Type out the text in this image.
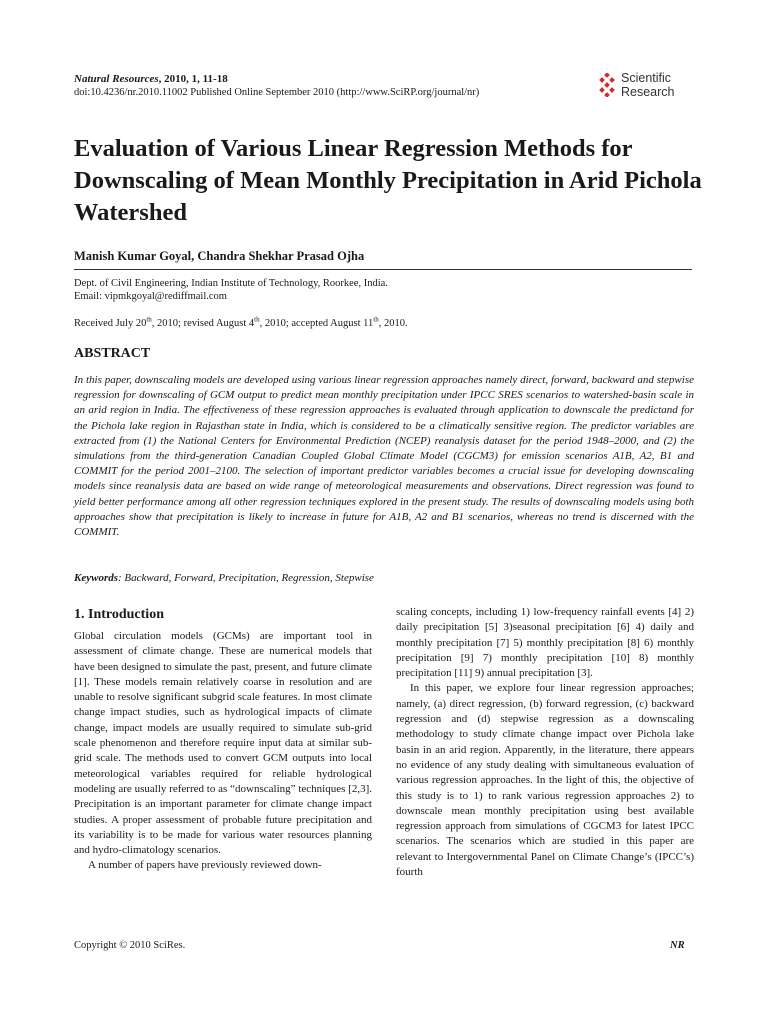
Natural Resources, 2010, 1, 11-18
doi:10.4236/nr.2010.11002 Published Online September 2010 (http://www.SciRP.org/journal/nr)
Scientific
Research
Evaluation of Various Linear Regression Methods for Downscaling of Mean Monthly Precipitation in Arid Pichola Watershed
Manish Kumar Goyal, Chandra Shekhar Prasad Ojha
Dept. of Civil Engineering, Indian Institute of Technology, Roorkee, India.
Email: vipmkgoyal@rediffmail.com
Received July 20th, 2010; revised August 4th, 2010; accepted August 11th, 2010.
ABSTRACT

In this paper, downscaling models are developed using various linear regression approaches namely direct, forward, backward and stepwise regression for downscaling of GCM output to predict mean monthly precipitation under IPCC SRES scenarios to watershed-basin scale in an arid region in India. The effectiveness of these regression approaches is evaluated through application to downscale the predictand for the Pichola lake region in Rajasthan state in India, which is considered to be a climatically sensitive region. The predictor variables are extracted from (1) the National Centers for Environmental Prediction (NCEP) reanalysis dataset for the period 1948–2000, and (2) the simulations from the third-generation Canadian Coupled Global Climate Model (CGCM3) for emission scenarios A1B, A2, B1 and COMMIT for the period 2001–2100. The selection of important predictor variables becomes a crucial issue for developing downscaling models since reanalysis data are based on wide range of meteorological measurements and observations. Direct regression was found to yield better performance among all other regression techniques explored in the present study. The results of downscaling models using both approaches show that precipitation is likely to increase in future for A1B, A2 and B1 scenarios, whereas no trend is discerned with the COMMIT.

Keywords: Backward, Forward, Precipitation, Regression, Stepwise
1. Introduction

Global circulation models (GCMs) are important tool in assessment of climate change. These are numerical models that have been designed to simulate the past, present, and future climate [1]. These models remain relatively coarse in resolution and are unable to resolve significant subgrid scale features. In most climate change impact studies, such as hydrological impacts of climate change, impact models are usually required to simulate sub-grid scale phenomenon and therefore require input data at similar sub-grid scale. The methods used to convert GCM outputs into local meteorological variables required for reliable hydrological modeling are usually referred to as “downscaling” techniques [2,3]. Precipitation is an important parameter for climate change impact studies. A proper assessment of probable future precipitation and its variability is to be made for various water resources planning and hydro-climatology scenarios.

A number of papers have previously reviewed down-

scaling concepts, including 1) low-frequency rainfall events [4] 2) daily precipitation [5] 3)seasonal precipitation [6] 4) daily and monthly precipitation [7] 5) monthly precipitation [8] 6) monthly precipitation [9] 7) monthly precipitation [10] 8) monthly precipitation [11] 9) annual precipitation [3].

In this paper, we explore four linear regression approaches; namely, (a) direct regression, (b) forward regression, (c) backward regression and (d) stepwise regression as a downscaling methodology to study climate change impact over Pichola lake basin in an arid region. Apparently, in the literature, there appears no evidence of any study dealing with simultaneous evaluation of various regression approaches. In the light of this, the objective of this study is to 1) to rank various regression approaches 2) to downscale mean monthly precipitation using best available regression approach from simulations of CGCM3 for latest IPCC scenarios. The scenarios which are studied in this paper are relevant to Intergovernmental Panel on Climate Change’s (IPCC’s) fourth

Copyright © 2010 SciRes.	NR
